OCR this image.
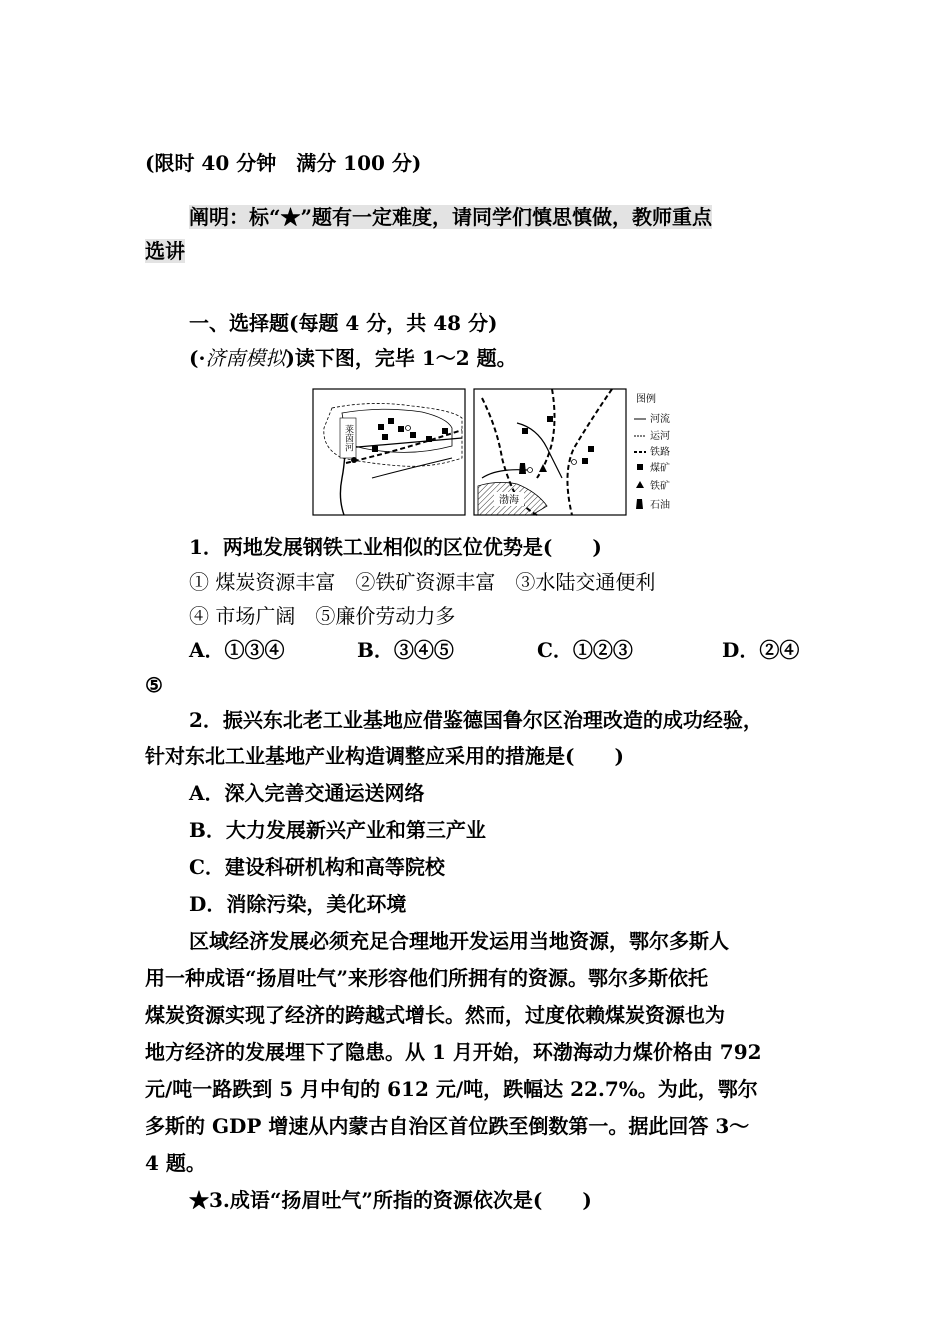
(限时 40 分钟　满分 100 分)
阐明：标“★”题有一定难度，请同学们慎思慎做，教师重点
选讲
一、选择题(每题 4 分，共 48 分)
(·济南模拟)读下图，完毕 1～2 题。
莱茵河
渤海
图例
河流
运河
铁路
煤矿
铁矿
石油
1．两地发展钢铁工业相似的区位优势是(　　)
① 煤炭资源丰富　②铁矿资源丰富　③水陆交通便利
④ 市场广阔　⑤廉价劳动力多
A．①③④	B．③④⑤	C．①②③	D．②④
⑤
2．振兴东北老工业基地应借鉴德国鲁尔区治理改造的成功经验，
针对东北工业基地产业构造调整应采用的措施是(　　)
A．深入完善交通运送网络
B．大力发展新兴产业和第三产业
C．建设科研机构和高等院校
D．消除污染，美化环境
区域经济发展必须充足合理地开发运用当地资源，鄂尔多斯人
用一种成语“扬眉吐气”来形容他们所拥有的资源。鄂尔多斯依托
煤炭资源实现了经济的跨越式增长。然而，过度依赖煤炭资源也为
地方经济的发展埋下了隐患。从 1 月开始，环渤海动力煤价格由 792
元/吨一路跌到 5 月中旬的 612 元/吨，跌幅达 22.7%。为此，鄂尔
多斯的 GDP 增速从内蒙古自治区首位跌至倒数第一。据此回答 3～
4 题。
★3.成语“扬眉吐气”所指的资源依次是(　　)
